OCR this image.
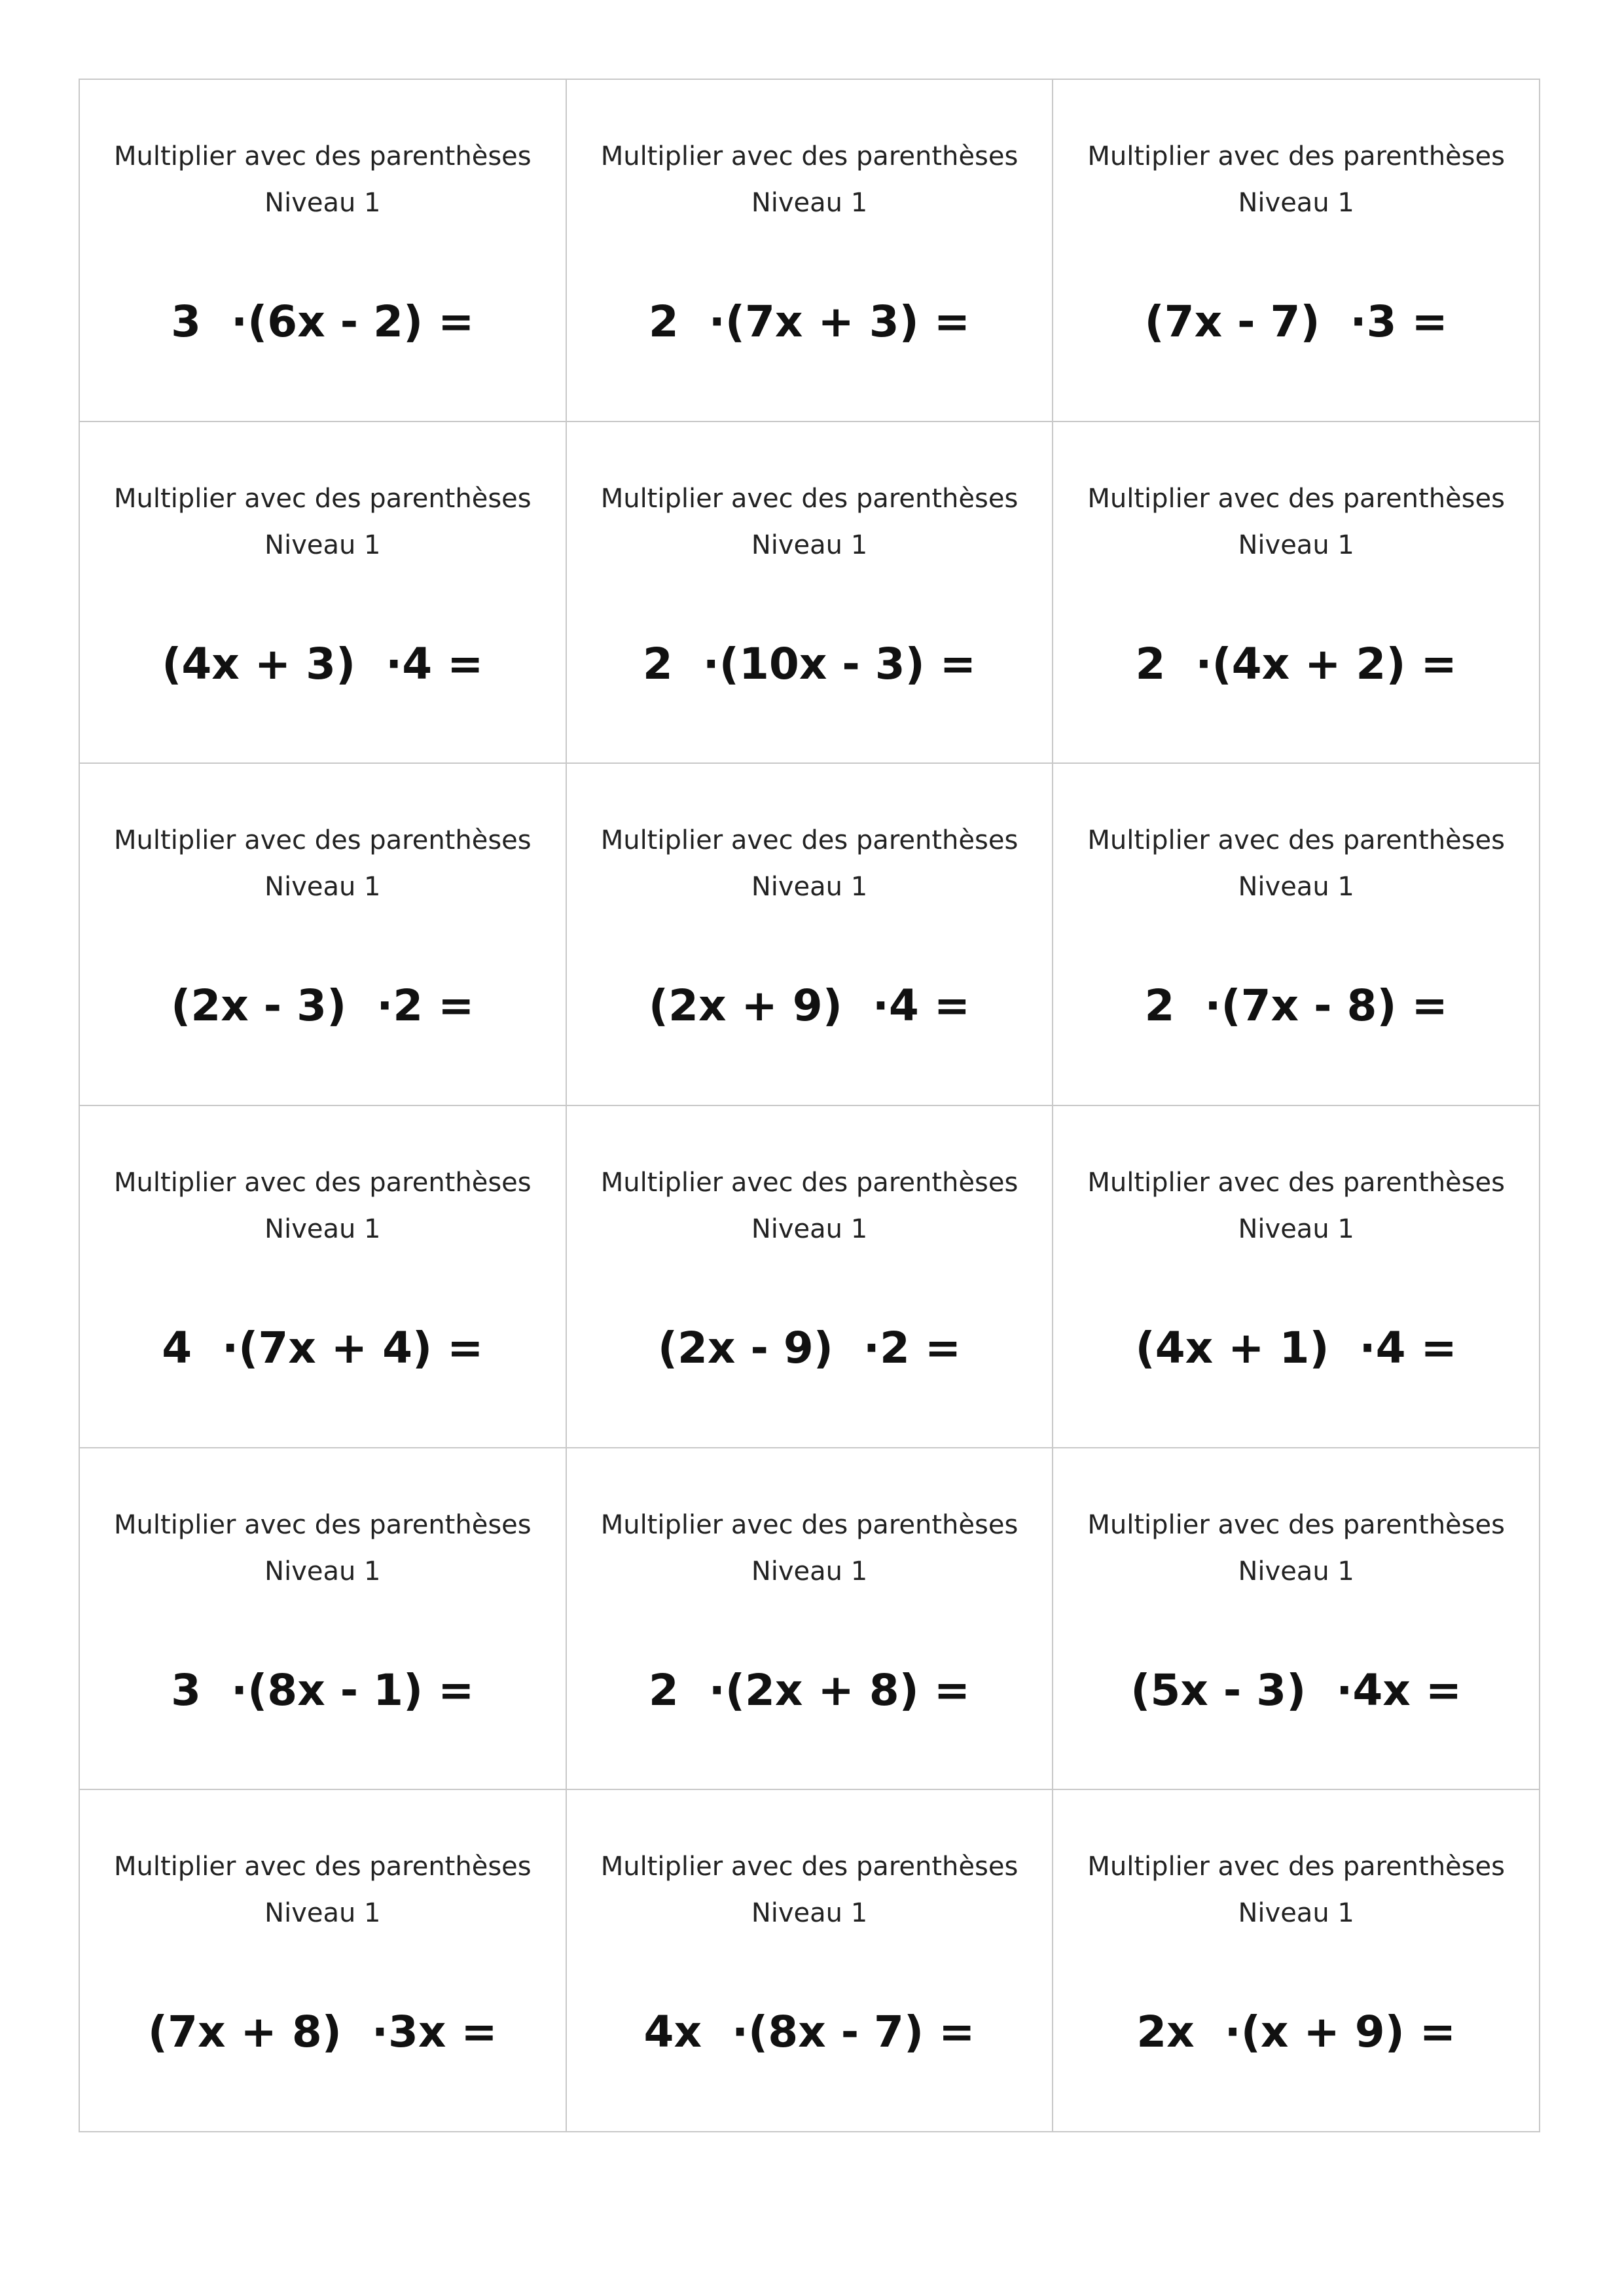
Multiplier avec des parenthèses
Niveau 1
3  ·(6x - 2) =
Multiplier avec des parenthèses
Niveau 1
2  ·(7x + 3) =
Multiplier avec des parenthèses
Niveau 1
(7x - 7)  ·3 =
Multiplier avec des parenthèses
Niveau 1
(4x + 3)  ·4 =
Multiplier avec des parenthèses
Niveau 1
2  ·(10x - 3) =
Multiplier avec des parenthèses
Niveau 1
2  ·(4x + 2) =
Multiplier avec des parenthèses
Niveau 1
(2x - 3)  ·2 =
Multiplier avec des parenthèses
Niveau 1
(2x + 9)  ·4 =
Multiplier avec des parenthèses
Niveau 1
2  ·(7x - 8) =
Multiplier avec des parenthèses
Niveau 1
4  ·(7x + 4) =
Multiplier avec des parenthèses
Niveau 1
(2x - 9)  ·2 =
Multiplier avec des parenthèses
Niveau 1
(4x + 1)  ·4 =
Multiplier avec des parenthèses
Niveau 1
3  ·(8x - 1) =
Multiplier avec des parenthèses
Niveau 1
2  ·(2x + 8) =
Multiplier avec des parenthèses
Niveau 1
(5x - 3)  ·4x =
Multiplier avec des parenthèses
Niveau 1
(7x + 8)  ·3x =
Multiplier avec des parenthèses
Niveau 1
4x  ·(8x - 7) =
Multiplier avec des parenthèses
Niveau 1
2x  ·(x + 9) =
